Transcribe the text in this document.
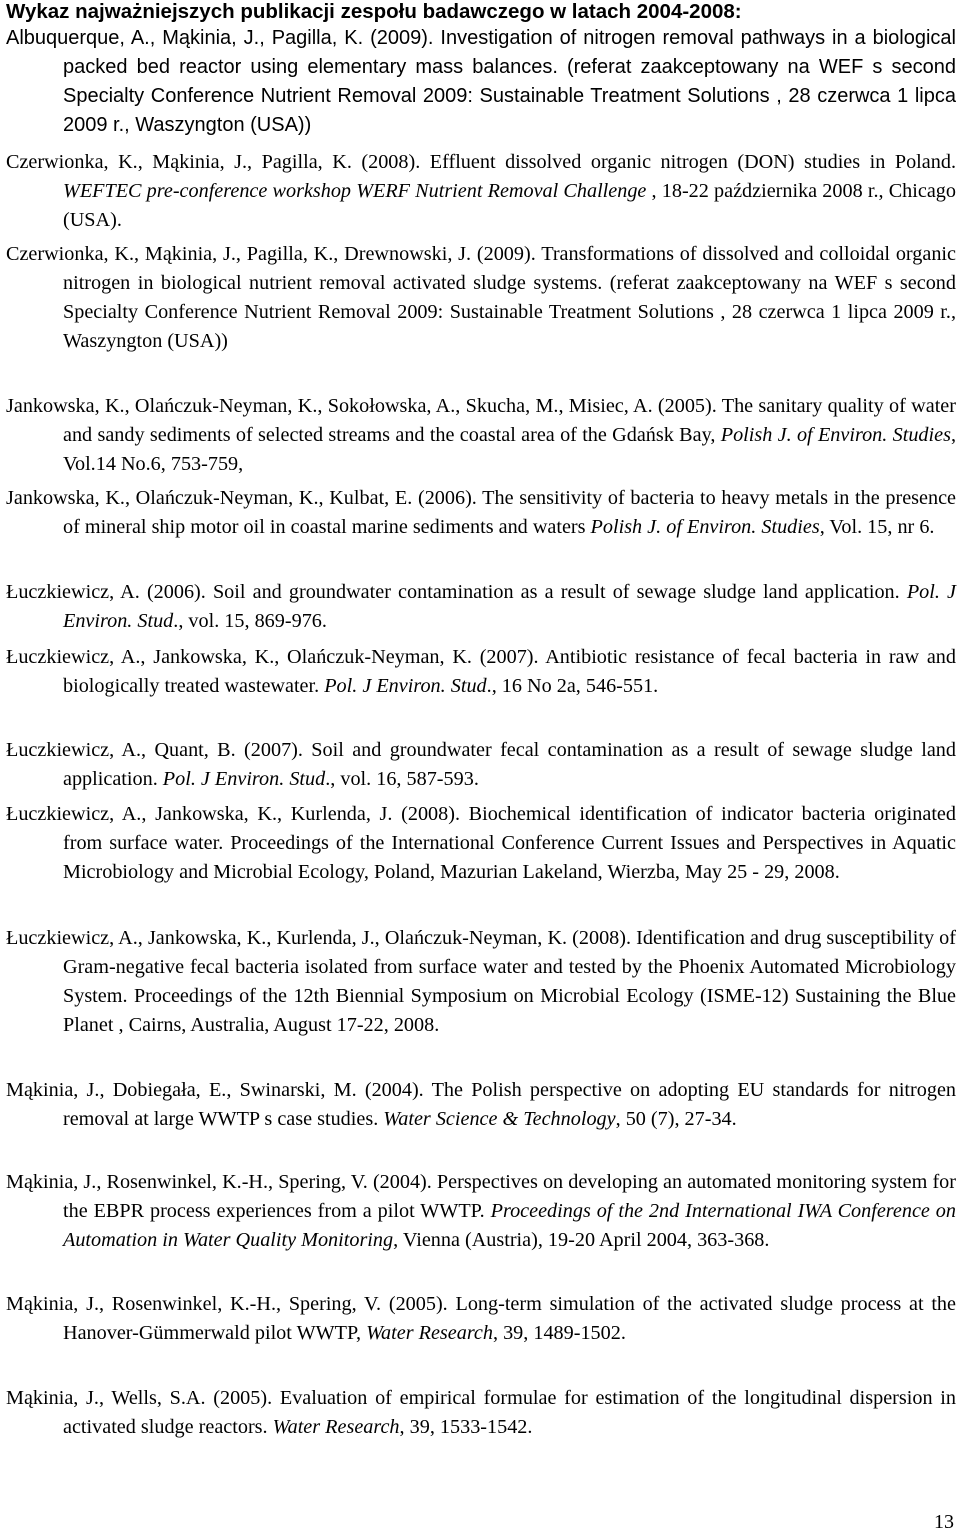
Wykaz najważniejszych publikacji zespołu badawczego w latach 2004-2008:
Albuquerque, A., Mąkinia, J., Pagilla, K. (2009). Investigation of nitrogen removal pathways in a biological packed bed reactor using elementary mass balances. (referat zaakceptowany na WEF s second Specialty Conference Nutrient Removal 2009: Sustainable Treatment Solutions , 28 czerwca 1 lipca 2009 r., Waszyngton (USA))
Czerwionka, K., Mąkinia, J., Pagilla, K. (2008). Effluent dissolved organic nitrogen (DON) studies in Poland. WEFTEC pre-conference workshop WERF Nutrient Removal Challenge , 18-22 października 2008 r., Chicago (USA).
Czerwionka, K., Mąkinia, J., Pagilla, K., Drewnowski, J. (2009). Transformations of dissolved and colloidal organic nitrogen in biological nutrient removal activated sludge systems. (referat zaakceptowany na WEF s second Specialty Conference Nutrient Removal 2009: Sustainable Treatment Solutions , 28 czerwca 1 lipca 2009 r., Waszyngton (USA))
Jankowska, K., Olańczuk-Neyman, K., Sokołowska, A., Skucha, M., Misiec, A. (2005). The sanitary quality of water and sandy sediments of selected streams and the coastal area of the Gdańsk Bay, Polish J. of Environ. Studies, Vol.14 No.6, 753-759,
Jankowska, K., Olańczuk-Neyman, K., Kulbat, E. (2006). The sensitivity of bacteria to heavy metals in the presence of mineral ship motor oil in coastal marine sediments and waters Polish J. of Environ. Studies, Vol. 15, nr 6.
Łuczkiewicz, A. (2006). Soil and groundwater contamination as a result of sewage sludge land application. Pol. J Environ. Stud., vol. 15, 869-976.
Łuczkiewicz, A., Jankowska, K., Olańczuk-Neyman, K. (2007). Antibiotic resistance of fecal bacteria in raw and biologically treated wastewater. Pol. J Environ. Stud., 16 No 2a, 546-551.
Łuczkiewicz, A., Quant, B. (2007). Soil and groundwater fecal contamination as a result of sewage sludge land application. Pol. J Environ. Stud., vol. 16, 587-593.
Łuczkiewicz, A., Jankowska, K., Kurlenda, J. (2008). Biochemical identification of indicator bacteria originated from surface water. Proceedings of the International Conference Current Issues and Perspectives in Aquatic Microbiology and Microbial Ecology, Poland, Mazurian Lakeland, Wierzba, May 25 - 29, 2008.
Łuczkiewicz, A., Jankowska, K., Kurlenda, J., Olańczuk-Neyman, K. (2008). Identification and drug susceptibility of Gram-negative fecal bacteria isolated from surface water and tested by the Phoenix Automated Microbiology System. Proceedings of the 12th Biennial Symposium on Microbial Ecology (ISME-12) Sustaining the Blue Planet , Cairns, Australia, August 17-22, 2008.
Mąkinia, J., Dobiegała, E., Swinarski, M. (2004). The Polish perspective on adopting EU standards for nitrogen removal at large WWTP s case studies. Water Science & Technology, 50 (7), 27-34.
Mąkinia, J., Rosenwinkel, K.-H., Spering, V. (2004). Perspectives on developing an automated monitoring system for the EBPR process experiences from a pilot WWTP. Proceedings of the 2nd International IWA Conference on Automation in Water Quality Monitoring, Vienna (Austria), 19-20 April 2004, 363-368.
Mąkinia, J., Rosenwinkel, K.-H., Spering, V. (2005). Long-term simulation of the activated sludge process at the Hanover-Gümmerwald pilot WWTP, Water Research, 39, 1489-1502.
Mąkinia, J., Wells, S.A. (2005). Evaluation of empirical formulae for estimation of the longitudinal dispersion in activated sludge reactors. Water Research, 39, 1533-1542.
13
